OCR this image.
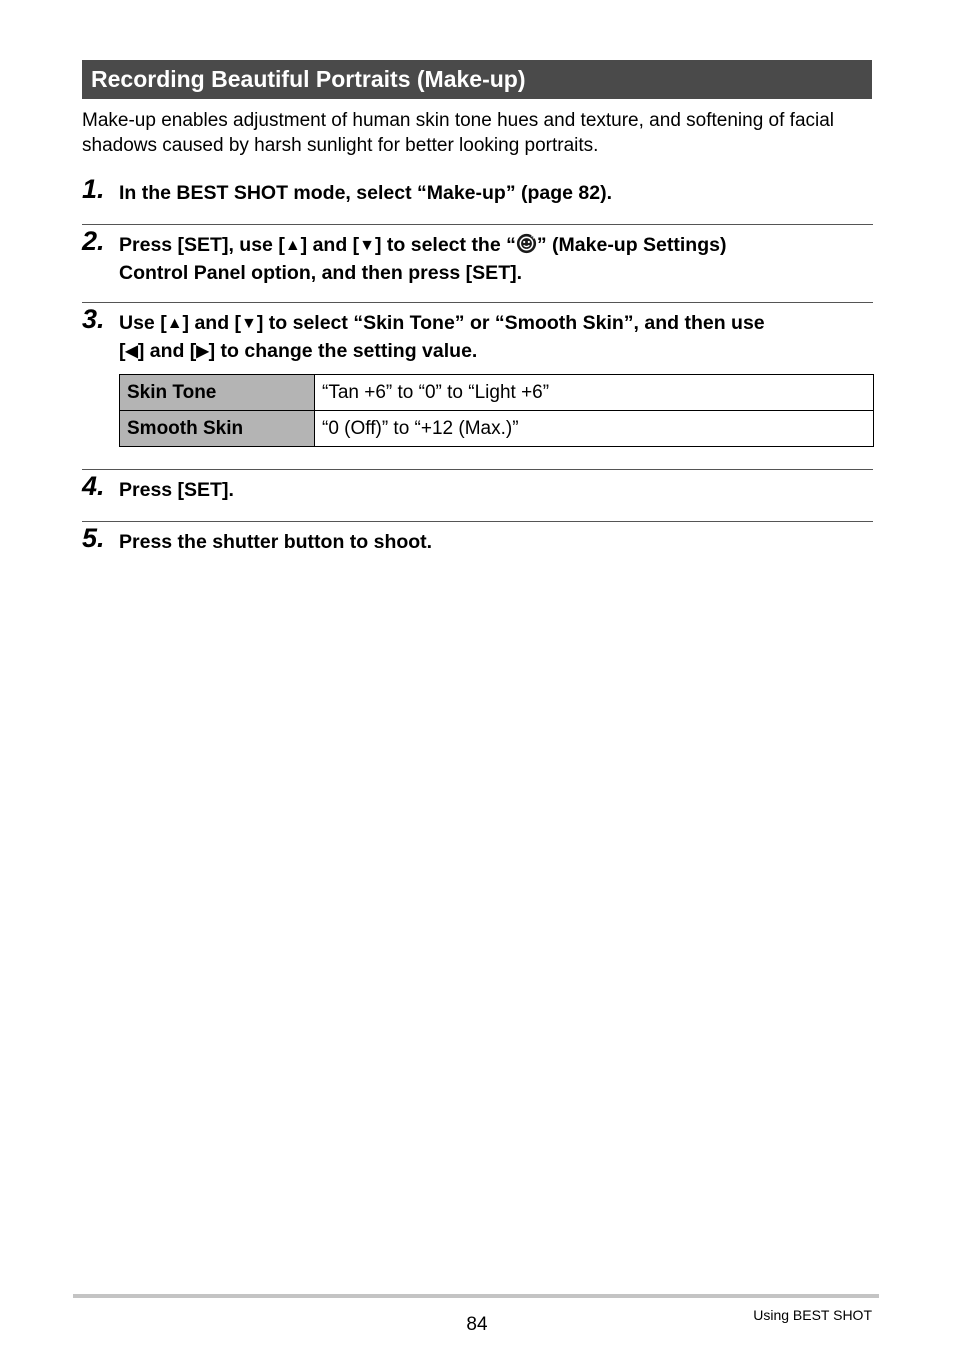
Recording Beautiful Portraits (Make-up)

Make-up enables adjustment of human skin tone hues and texture, and softening of facial shadows caused by harsh sunlight for better looking portraits.

1. In the BEST SHOT mode, select “Make-up” (page 82).
2. Press [SET], use [▲] and [▼] to select the “ ” (Make-up Settings)
Control Panel option, and then press [SET].
3. Use [▲] and [▼] to select “Skin Tone” or “Smooth Skin”, and then use
[◀] and [▶] to change the setting value.
Skin Tone	“Tan +6” to “0” to “Light +6”
Smooth Skin	“0 (Off)” to “+12 (Max.)”
4. Press [SET].
5. Press the shutter button to shoot.
84	Using BEST SHOT
